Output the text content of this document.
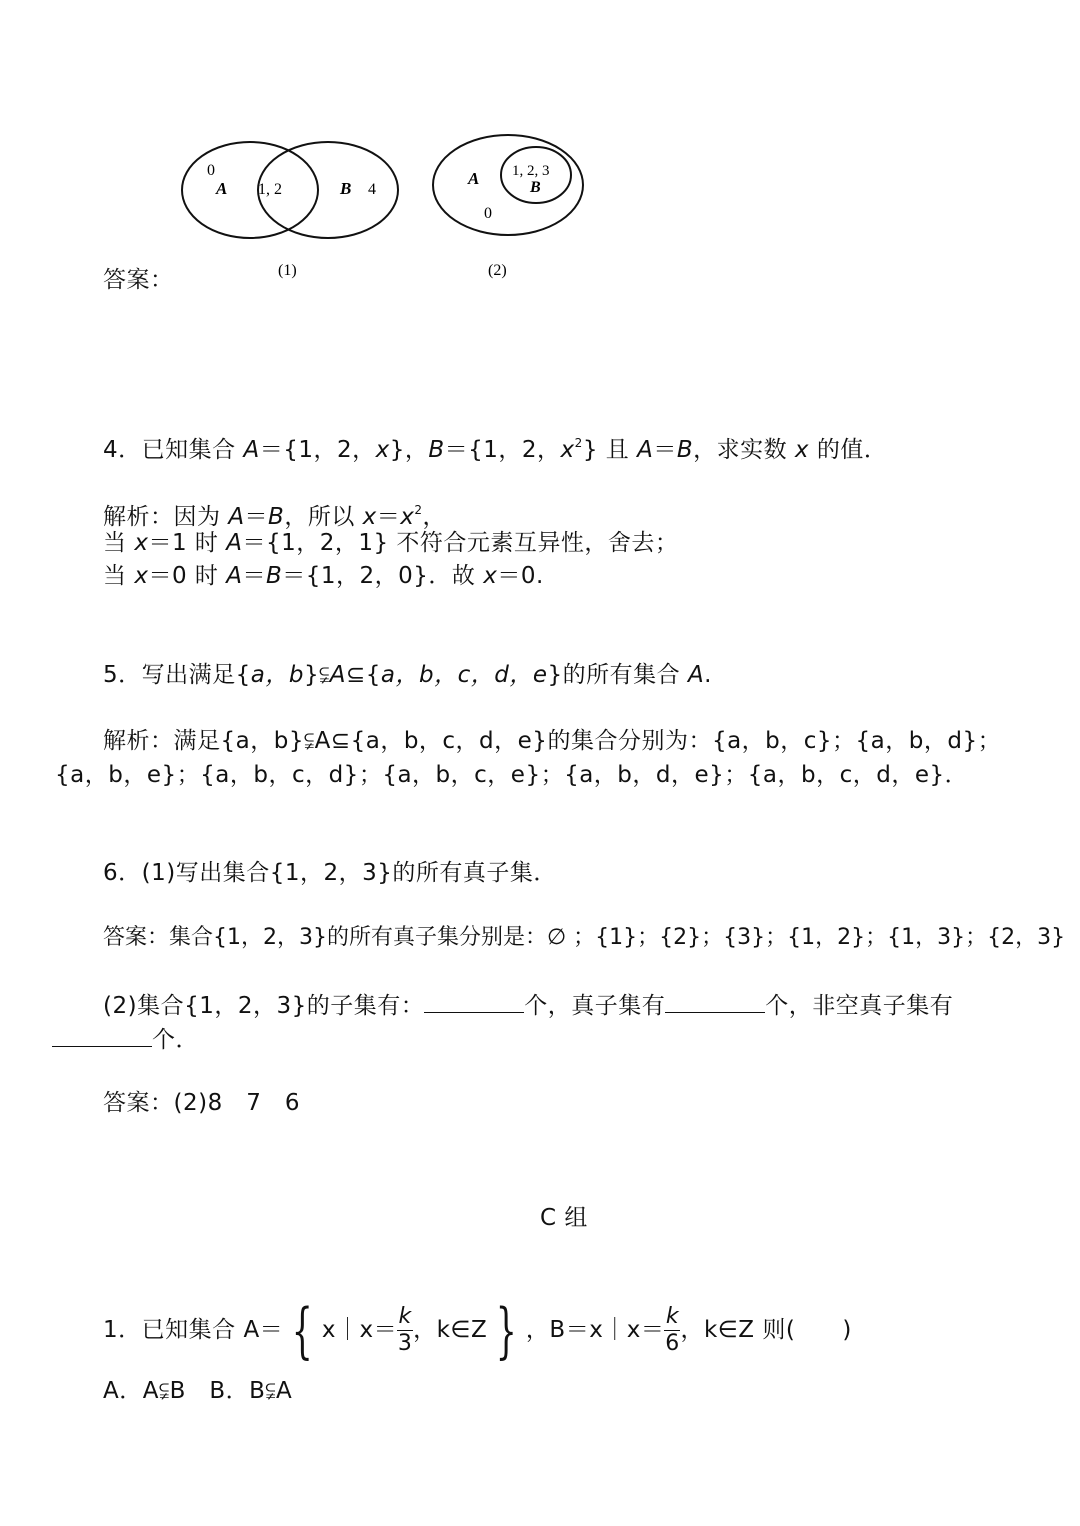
0
A 1, 2	B 4
(1)
A 1, 2, 3
B
0
(2)
答案：
4．已知集合 A＝{1，2，x}，B＝{1，2，$x^2$} 且 A＝B，求实数 x 的值．
解析：因为 A＝B，所以 $x=x^2$，
当 x＝1 时 A＝{1，2，1} 不符合元素互异性，舍去；
当 x＝0 时 A＝B＝{1，2，0}．故 x＝0.
5．写出满足{a，b}⫋A⊆{a，b，c，d，e}的所有集合 A.
解析：满足{a，b}⫋A⊆{a，b，c，d，e}的集合分别为：{a，b，c}；{a，b，d}；
{a，b，e}；{a，b，c，d}；{a，b，c，e}；{a，b，d，e}；{a，b，c，d，e}．
6．(1)写出集合{1，2，3}的所有真子集．
答案：集合{1，2，3}的所有真子集分别是：∅ ；{1}；{2}；{3}；{1，2}；{1，3}；{2，3}
(2)集合{1，2，3}的子集有：	个，真子集有	个，非空真子集有
个．
答案：(2)8　7　6
C 组
1．已知集合 A＝ { x｜x＝ $\frac{k}{3}$ ，k∈Z } ，B＝x｜x＝ $\frac{k}{6}$ ，k∈Z 则(　　)
A．A⫋B　B．B⫋A
